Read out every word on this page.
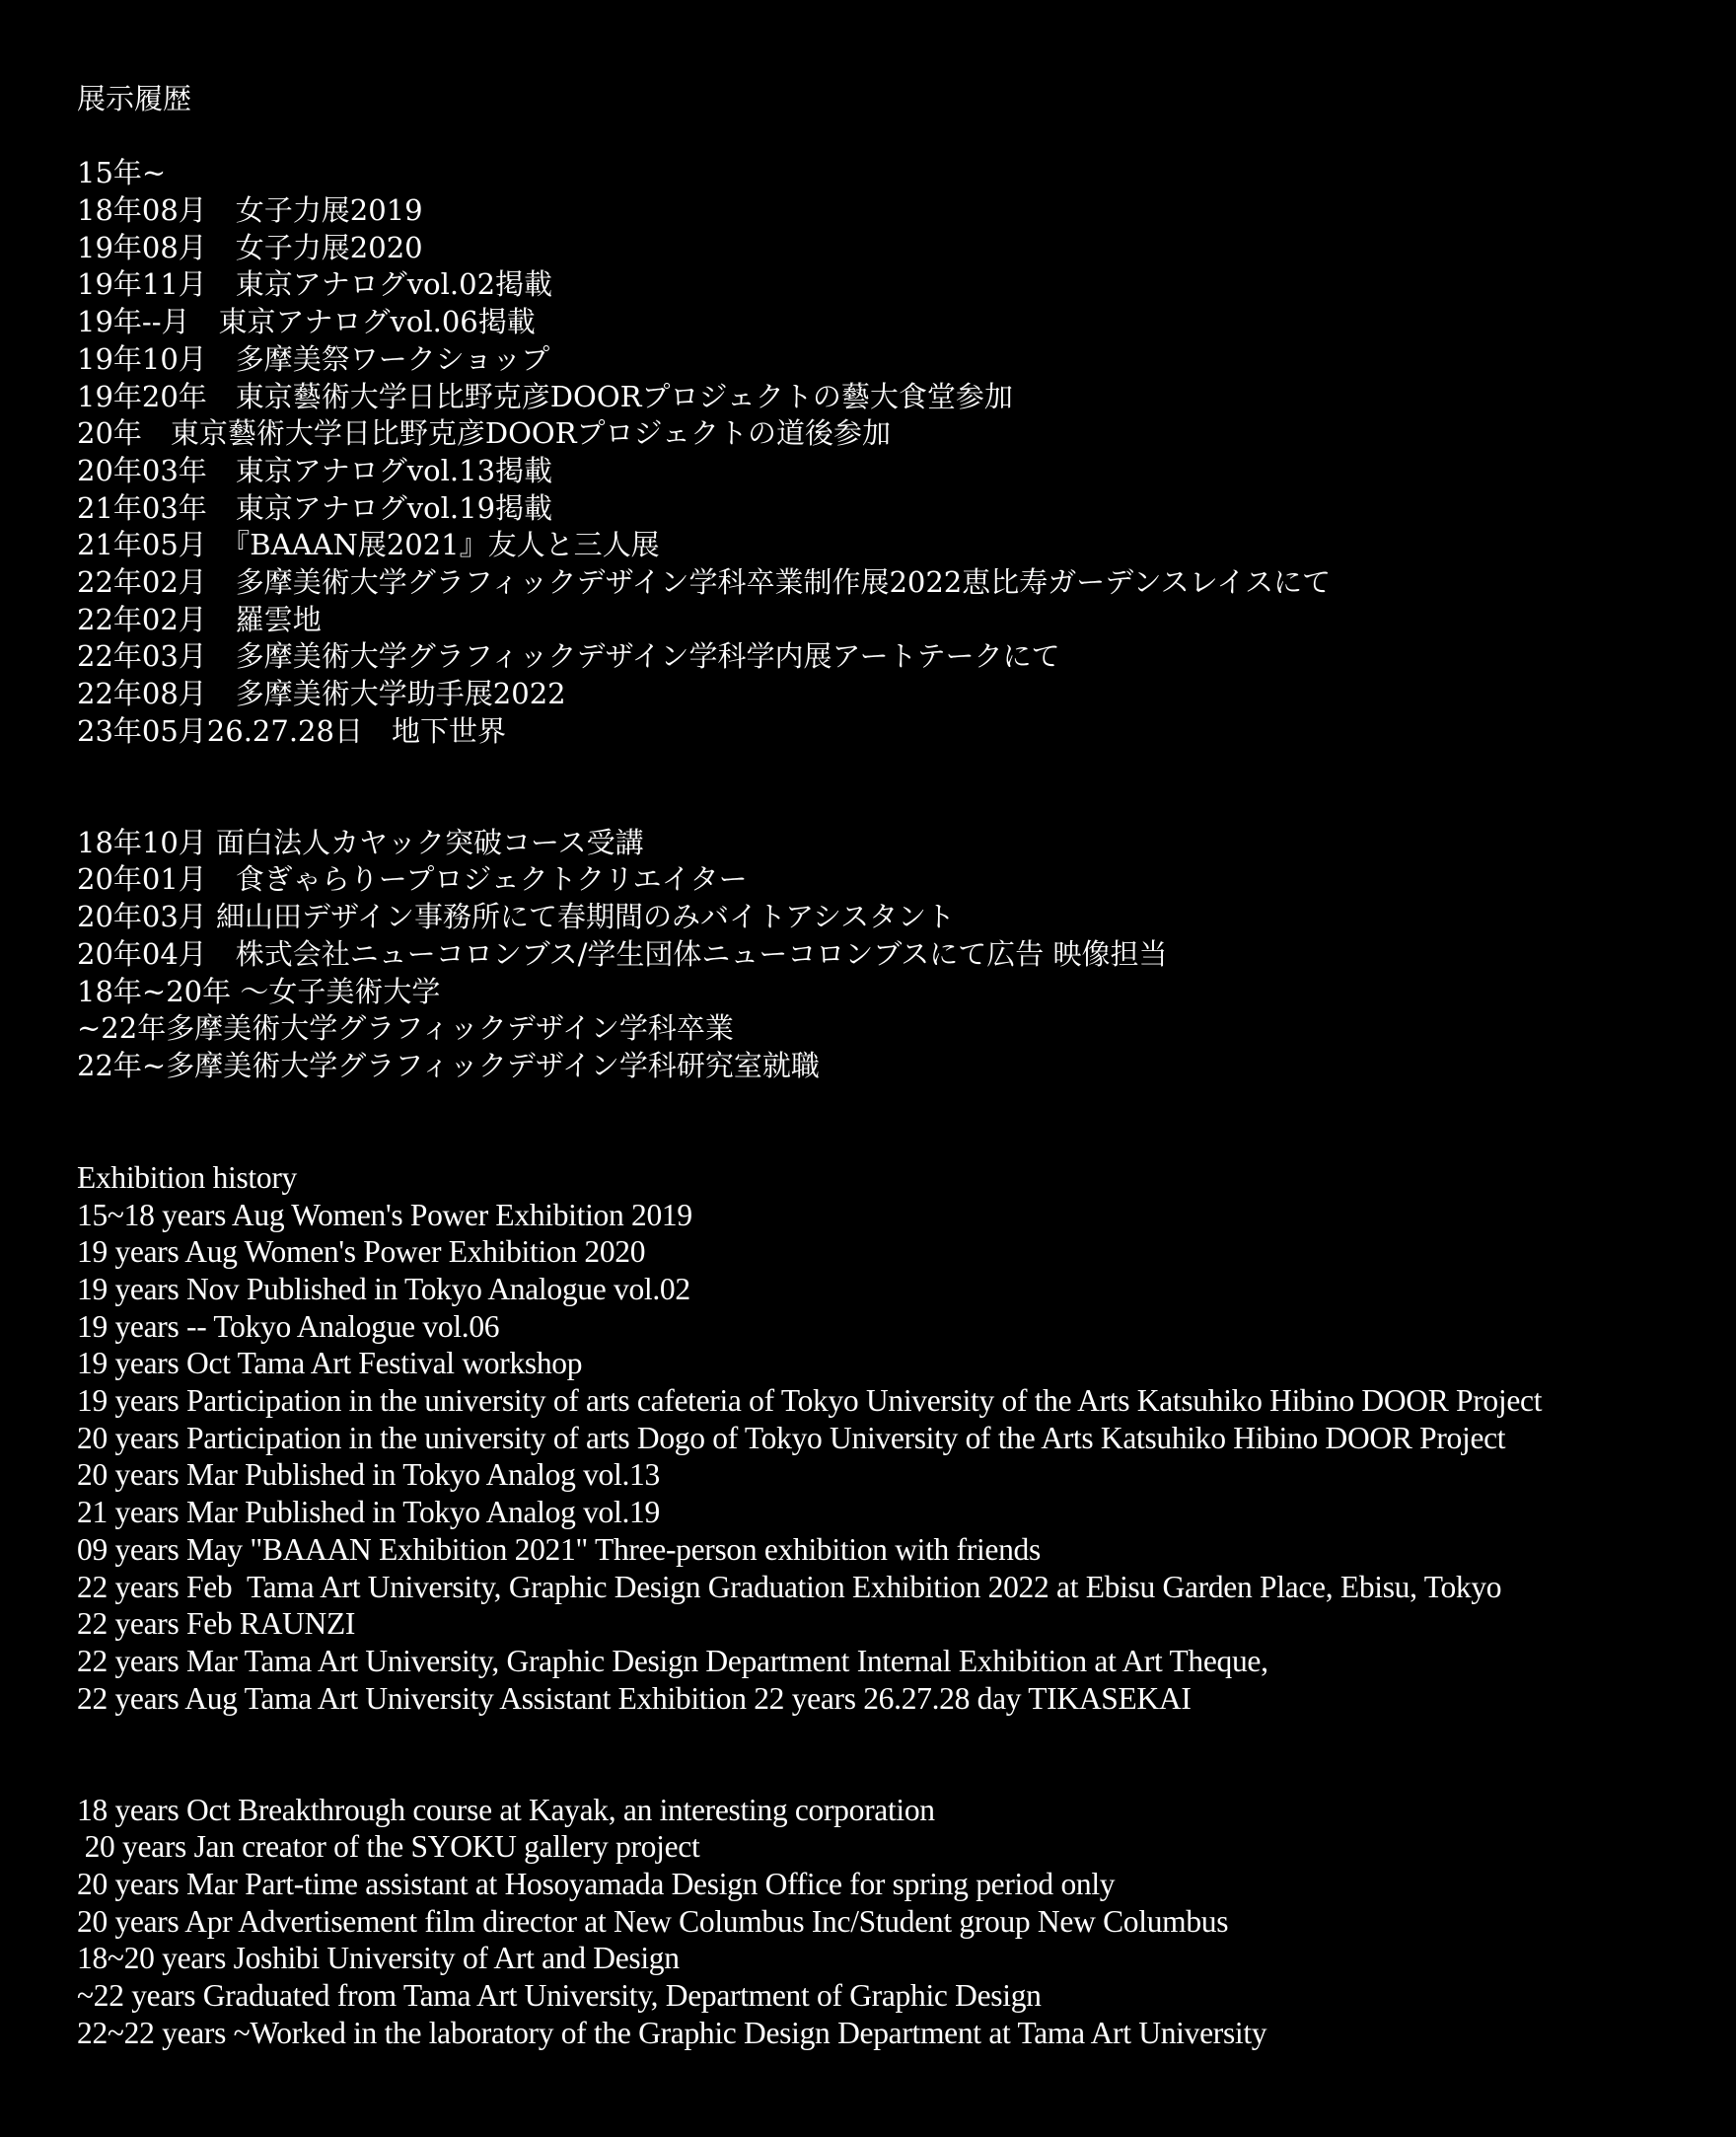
展示履歴
15年~
18年08月　女子力展2019
19年08月　女子力展2020
19年11月　東京アナログvol.02掲載
19年--月　東京アナログvol.06掲載
19年10月　多摩美祭ワークショップ
19年20年　東京藝術大学日比野克彦DOORプロジェクトの藝大食堂参加
20年　東京藝術大学日比野克彦DOORプロジェクトの道後参加
20年03年　東京アナログvol.13掲載
21年03年　東京アナログvol.19掲載
21年05月　『BAAAN展2021』友人と三人展
22年02月　多摩美術大学グラフィックデザイン学科卒業制作展2022恵比寿ガーデンスレイスにて
22年02月　羅雲地
22年03月　多摩美術大学グラフィックデザイン学科学内展アートテークにて
22年08月　多摩美術大学助手展2022
23年05月26.27.28日　地下世界
18年10月 面白法人カヤック突破コース受講
20年01月　食ぎゃらりープロジェクトクリエイター
20年03月 細山田デザイン事務所にて春期間のみバイトアシスタント
20年04月　株式会社ニューコロンブス/学生団体ニューコロンブスにて広告 映像担当
18年~20年 〜女子美術大学
~22年多摩美術大学グラフィックデザイン学科卒業
22年~多摩美術大学グラフィックデザイン学科研究室就職
Exhibition history
15~18 years Aug Women's Power Exhibition 2019
19 years Aug Women's Power Exhibition 2020
19 years Nov Published in Tokyo Analogue vol.02
19 years -- Tokyo Analogue vol.06
19 years Oct Tama Art Festival workshop
19 years Participation in the university of arts cafeteria of Tokyo University of the Arts Katsuhiko Hibino DOOR Project
20 years Participation in the university of arts Dogo of Tokyo University of the Arts Katsuhiko Hibino DOOR Project
20 years Mar Published in Tokyo Analog vol.13
21 years Mar Published in Tokyo Analog vol.19
09 years May "BAAAN Exhibition 2021" Three-person exhibition with friends
22 years Feb  Tama Art University, Graphic Design Graduation Exhibition 2022 at Ebisu Garden Place, Ebisu, Tokyo
22 years Feb RAUNZI
22 years Mar Tama Art University, Graphic Design Department Internal Exhibition at Art Theque,
22 years Aug Tama Art University Assistant Exhibition 22 years 26.27.28 day TIKASEKAI
18 years Oct Breakthrough course at Kayak, an interesting corporation
20 years Jan creator of the SYOKU gallery project
20 years Mar Part-time assistant at Hosoyamada Design Office for spring period only
20 years Apr Advertisement film director at New Columbus Inc/Student group New Columbus
18~20 years Joshibi University of Art and Design
~22 years Graduated from Tama Art University, Department of Graphic Design
22~22 years ~Worked in the laboratory of the Graphic Design Department at Tama Art University
